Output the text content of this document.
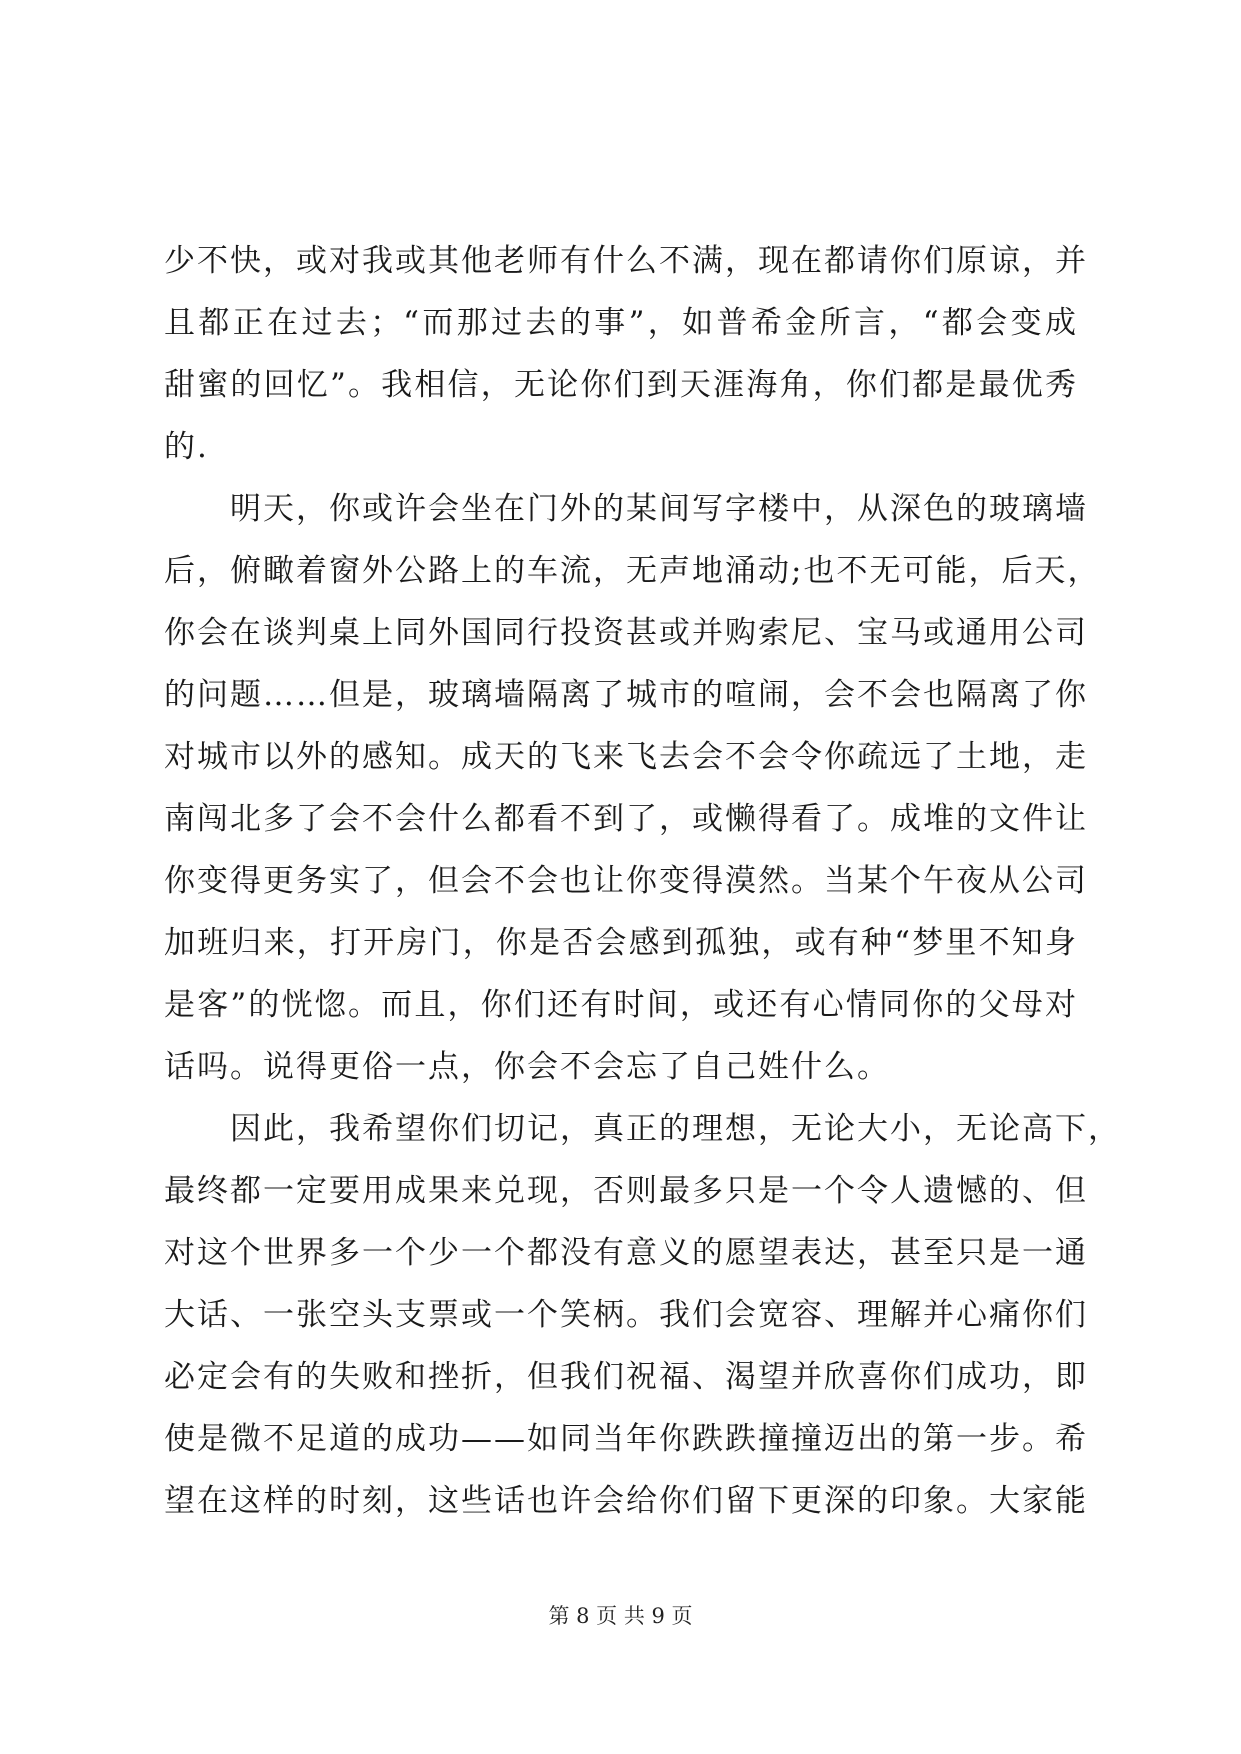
少不快，或对我或其他老师有什么不满，现在都请你们原谅，并
且都正在过去；“而那过去的事”，如普希金所言，“都会变成
甜蜜的回忆”。我相信，无论你们到天涯海角，你们都是最优秀
的.
　　明天，你或许会坐在门外的某间写字楼中，从深色的玻璃墙
后，俯瞰着窗外公路上的车流，无声地涌动;也不无可能，后天，
你会在谈判桌上同外国同行投资甚或并购索尼、宝马或通用公司
的问题……但是，玻璃墙隔离了城市的喧闹，会不会也隔离了你
对城市以外的感知。成天的飞来飞去会不会令你疏远了土地，走
南闯北多了会不会什么都看不到了，或懒得看了。成堆的文件让
你变得更务实了，但会不会也让你变得漠然。当某个午夜从公司
加班归来，打开房门，你是否会感到孤独，或有种“梦里不知身
是客”的恍惚。而且，你们还有时间，或还有心情同你的父母对
话吗。说得更俗一点，你会不会忘了自己姓什么。
　　因此，我希望你们切记，真正的理想，无论大小，无论高下，
最终都一定要用成果来兑现，否则最多只是一个令人遗憾的、但
对这个世界多一个少一个都没有意义的愿望表达，甚至只是一通
大话、一张空头支票或一个笑柄。我们会宽容、理解并心痛你们
必定会有的失败和挫折，但我们祝福、渴望并欣喜你们成功，即
使是微不足道的成功——如同当年你跌跌撞撞迈出的第一步。希
望在这样的时刻，这些话也许会给你们留下更深的印象。大家能
第 8 页 共 9 页
